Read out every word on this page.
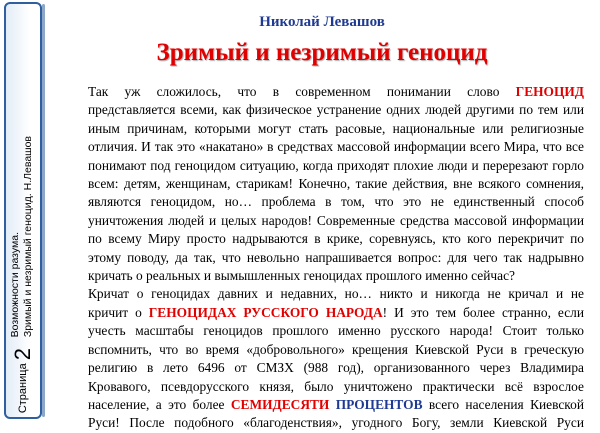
Возможности разума. Зримый и незримый геноцид. Н.Левашов
Страница 2
Николай Левашов
Зримый и незримый геноцид

Так уж сложилось, что в современном понимании слово ГЕНОЦИД
представляется всеми, как физическое устранение одних людей другими по тем или
иным причинам, которыми могут стать расовые, национальные или религиозные
отличия. И так это «накатано» в средствах массовой информации всего Мира, что все
понимают под геноцидом ситуацию, когда приходят плохие люди и перерезают горло
всем: детям, женщинам, старикам! Конечно, такие действия, вне всякого сомнения,
являются геноцидом, но… проблема в том, что это не единственный способ
уничтожения людей и целых народов! Современные средства массовой информации
по всему Миру просто надрываются в крике, соревнуясь, кто кого перекричит по
этому поводу, да так, что невольно напрашивается вопрос: для чего так надрывно
кричать о реальных и вымышленных геноцидах прошлого именно сейчас?

Кричат о геноцидах давних и недавних, но… никто и никогда не кричал и не
кричит о ГЕНОЦИДАХ РУССКОГО НАРОДА! И это тем более странно, если
учесть масштабы геноцидов прошлого именно русского народа! Стоит только
вспомнить, что во время «добровольного» крещения Киевской Руси в греческую
религию в лето 6496 от СМЗХ (988 год), организованного через Владимира
Кровавого, псевдорусского князя, было уничтожено практически всё взрослое
население, а это более СЕМИДЕСЯТИ ПРОЦЕНТОВ всего населения Киевской
Руси! После подобного «благоденствия», угодного Богу, земли Киевской Руси
